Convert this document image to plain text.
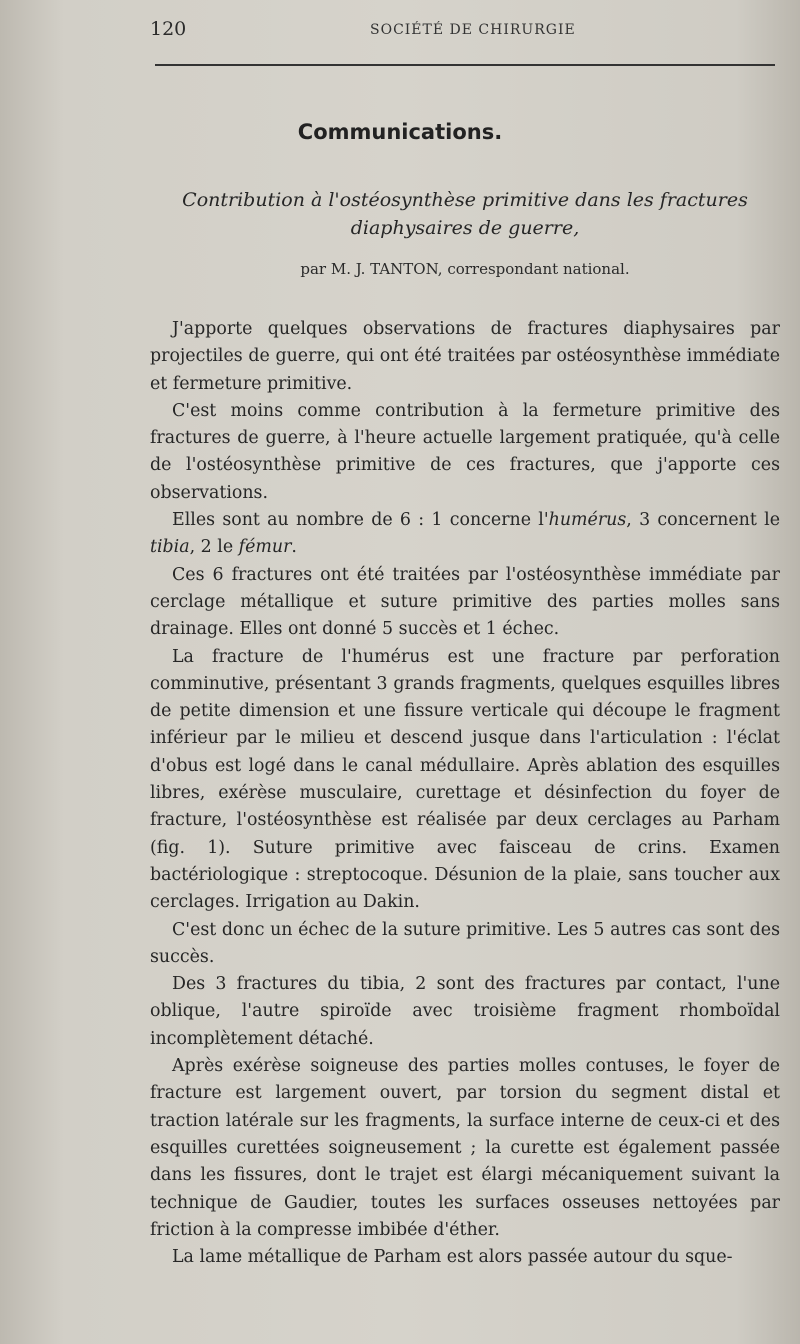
120	SOCIÉTÉ DE CHIRURGIE
Communications.
Contribution à l'ostéosynthèse primitive dans les fractures
diaphysaires de guerre,
par M. J. TANTON, correspondant national.

J'apporte quelques observations de fractures diaphysaires par projectiles de guerre, qui ont été traitées par ostéosynthèse immédiate et fermeture primitive.

C'est moins comme contribution à la fermeture primitive des fractures de guerre, à l'heure actuelle largement pratiquée, qu'à celle de l'ostéosynthèse primitive de ces fractures, que j'apporte ces observations.

Elles sont au nombre de 6 : 1 concerne l'humérus, 3 concernent le tibia, 2 le fémur.

Ces 6 fractures ont été traitées par l'ostéosynthèse immédiate par cerclage métallique et suture primitive des parties molles sans drainage. Elles ont donné 5 succès et 1 échec.

La fracture de l'humérus est une fracture par perforation comminutive, présentant 3 grands fragments, quelques esquilles libres de petite dimension et une fissure verticale qui découpe le fragment inférieur par le milieu et descend jusque dans l'articulation : l'éclat d'obus est logé dans le canal médullaire. Après ablation des esquilles libres, exérèse musculaire, curettage et désinfection du foyer de fracture, l'ostéosynthèse est réalisée par deux cerclages au Parham (fig. 1). Suture primitive avec faisceau de crins. Examen bactériologique : streptocoque. Désunion de la plaie, sans toucher aux cerclages. Irrigation au Dakin.

C'est donc un échec de la suture primitive. Les 5 autres cas sont des succès.

Des 3 fractures du tibia, 2 sont des fractures par contact, l'une oblique, l'autre spiroïde avec troisième fragment rhomboïdal incomplètement détaché.

Après exérèse soigneuse des parties molles contuses, le foyer de fracture est largement ouvert, par torsion du segment distal et traction latérale sur les fragments, la surface interne de ceux-ci et des esquilles curettées soigneusement ; la curette est également passée dans les fissures, dont le trajet est élargi mécaniquement suivant la technique de Gaudier, toutes les surfaces osseuses nettoyées par friction à la compresse imbibée d'éther.

La lame métallique de Parham est alors passée autour du sque-
